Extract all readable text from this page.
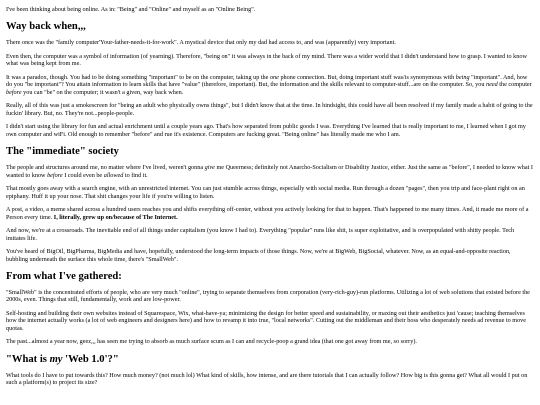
I've been thinking about being online. As in: "Being" and "Online" and myself as an "Online Being".

Way back when,,,

There once was the "family computer'Your-father-needs-it-for-work". A mystical device that only my dad had access to, and was (apparently) very important.

Even then, the computer was a symbol of information (of yearning). Therefore, "being on" it was always in the back of my mind. There was a wider world that I didn't understand how to grasp. I wanted to know what was being kept from me.

It was a paradox, though. You had to be doing something "important" to be on the computer, taking up the one phone connection. But, doing important stuff was/is synonymous with being "important". And, how do you "be important"? You attain information to learn skills that have "value" (therefore, important). But, the information and the skills relevant to computer-stuff...are on the computer. So, you need the computer before you can "be" on the computer; it wasn't a given, way back when.

Really, all of this was just a smokescreen for "being an adult who physically owns things", but I didn't know that at the time. In hindsight, this could have all been resolved if my family made a habit of going to the fuckin' library. But, no. They're not...people-people.

I didn't start using the library for fun and actual enrichment until a couple years ago. That's how separated from public goods I was. Everything I've learned that is really important to me, I learned when I got my own computer and wiFi. Old enough to remember "before" and rue it's existence. Computers are fucking great. "Being online" has literally made me who I am.

The "immediate" society

The people and structures around me, no matter where I've lived, weren't gonna give me Queerness; definitely not Anarcho-Socialism or Disability Justice, either. Just the same as "before", I needed to know what I wanted to know before I could even be allowed to find it.

That mostly goes away with a search engine, with an unrestricted internet. You can just stumble across things, especially with social media. Run through a dozen "pages", then you trip and face-plant right on an epiphany. Huff it up your nose. That shit changes your life if you're willing to listen.

A post, a video, a meme shared across a hundred users reaches you and shifts everything off-center, without you actively looking for that to happen. That's happened to me many times. And, it made me more of a Person every time. I, literally, grew up on/because of The Internet.

And now, we're at a crossroads. The inevitable end of all things under capitalism (you know I had to). Everything "popular" runs like shit, is super exploitative, and is overpopulated with shitty people. Tech imitates life.

You've heard of BigOil, BigPharma, BigMedia and have, hopefully, understood the long-term impacts of those things. Now, we're at BigWeb, BigSocial, whatever. Now, as an equal-and-opposite reaction, bubbling underneath the surface this whole time, there's "SmallWeb".

From what I've gathered:

"SmallWeb" is the concentrated efforts of people, who are very much "online", trying to separate themselves from corporation (very-rich-guy)-run platforms. Utilizing a lot of web solutions that existed before the 2000s, even. Things that still, fundamentally, work and are low-power.

Self-hosting and building their own websites instead of Squarespace, Wix, what-have-ya; minimizing the design for better speed and sustainability, or maxing out their aesthetics just 'cause; teaching themselves how the internet actually works (a lot of web engineers and designers here) and how to revamp it into true, "local networks". Cutting out the middleman and their boss who desperately needs ad revenue to move quotas.

The past...almost a year now, geez,,, has seen me trying to absorb as much surface scum as I can and recycle-poop a grand idea (that one got away from me, so sorry).

"What is my 'Web 1.0'?"

What tools do I have to put towards this? How much money? (not much lol) What kind of skills, how intense, and are there tutorials that I can actually follow? How big is this gonna get? What all would I put on such a platform(s) to project its size?
